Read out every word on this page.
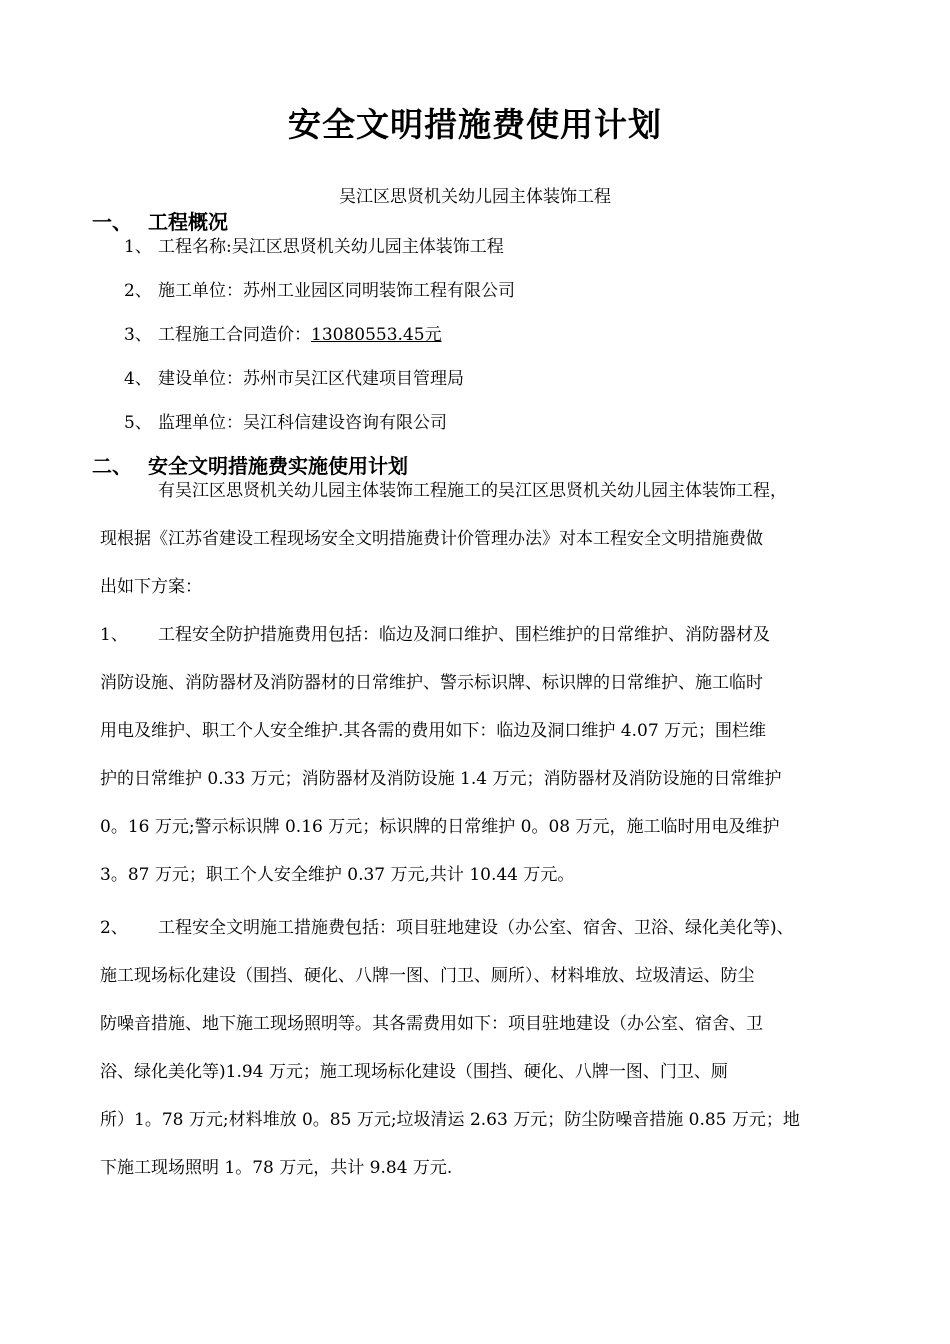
安全文明措施费使用计划
吴江区思贤机关幼儿园主体装饰工程
一、 工程概况
1、 工程名称:吴江区思贤机关幼儿园主体装饰工程
2、 施工单位：苏州工业园区同明装饰工程有限公司
3、 工程施工合同造价：13080553.45元
4、 建设单位：苏州市吴江区代建项目管理局
5、 监理单位：吴江科信建设咨询有限公司
二、 安全文明措施费实施使用计划
有吴江区思贤机关幼儿园主体装饰工程施工的吴江区思贤机关幼儿园主体装饰工程，
现根据《江苏省建设工程现场安全文明措施费计价管理办法》对本工程安全文明措施费做
出如下方案：
1、 工程安全防护措施费用包括：临边及洞口维护、围栏维护的日常维护、消防器材及
消防设施、消防器材及消防器材的日常维护、警示标识牌、标识牌的日常维护、施工临时
用电及维护、职工个人安全维护.其各需的费用如下：临边及洞口维护 4.07 万元；围栏维
护的日常维护 0.33 万元；消防器材及消防设施 1.4 万元；消防器材及消防设施的日常维护
0。16 万元;警示标识牌 0.16 万元；标识牌的日常维护 0。08 万元，施工临时用电及维护
3。87 万元；职工个人安全维护 0.37 万元,共计 10.44 万元。
2、 工程安全文明施工措施费包括：项目驻地建设（办公室、宿舍、卫浴、绿化美化等)、
施工现场标化建设（围挡、硬化、八牌一图、门卫、厕所）、材料堆放、垃圾清运、防尘
防噪音措施、地下施工现场照明等。其各需费用如下：项目驻地建设（办公室、宿舍、卫
浴、绿化美化等)1.94 万元；施工现场标化建设（围挡、硬化、八牌一图、门卫、厕
所）1。78 万元;材料堆放 0。85 万元;垃圾清运 2.63 万元；防尘防噪音措施 0.85 万元；地
下施工现场照明 1。78 万元，共计 9.84 万元.
